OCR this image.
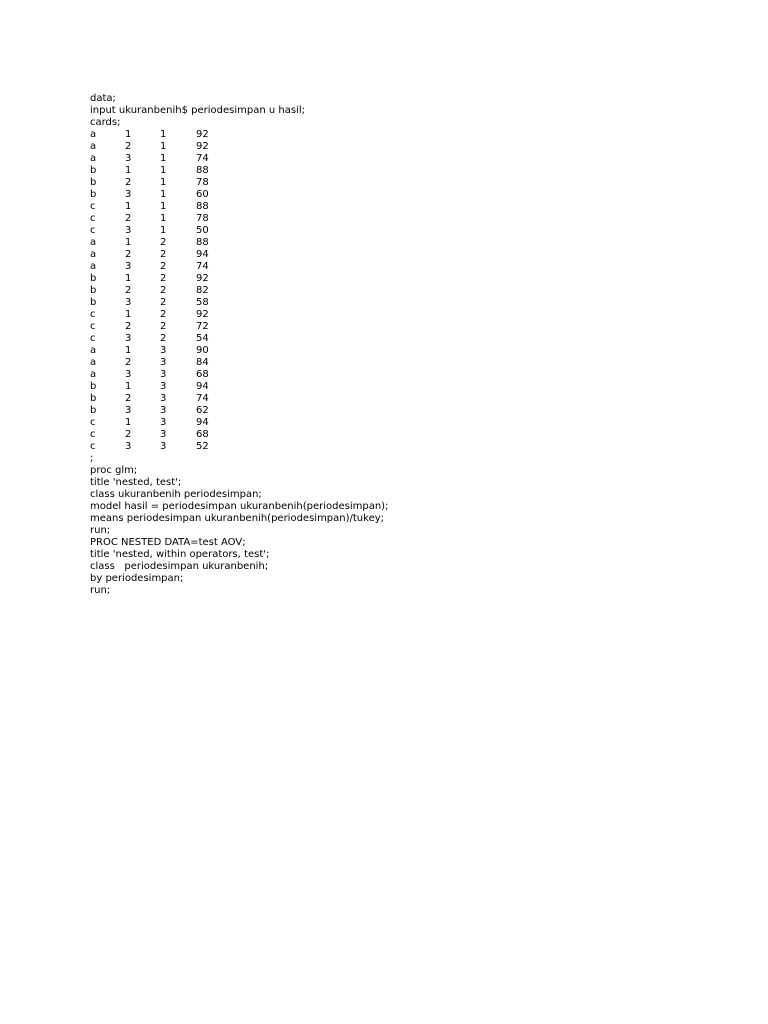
data;
input ukuranbenih$ periodesimpan u hasil;
cards;
a	1	1	92
a	2	1	92
a	3	1	74
b	1	1	88
b	2	1	78
b	3	1	60
c	1	1	88
c	2	1	78
c	3	1	50
a	1	2	88
a	2	2	94
a	3	2	74
b	1	2	92
b	2	2	82
b	3	2	58
c	1	2	92
c	2	2	72
c	3	2	54
a	1	3	90
a	2	3	84
a	3	3	68
b	1	3	94
b	2	3	74
b	3	3	62
c	1	3	94
c	2	3	68
c	3	3	52
;
proc glm;
title 'nested, test';
class ukuranbenih periodesimpan;
model hasil = periodesimpan ukuranbenih(periodesimpan);
means periodesimpan ukuranbenih(periodesimpan)/tukey;
run;
PROC NESTED DATA=test AOV;
title 'nested, within operators, test';
class   periodesimpan ukuranbenih;
by periodesimpan;
run;
